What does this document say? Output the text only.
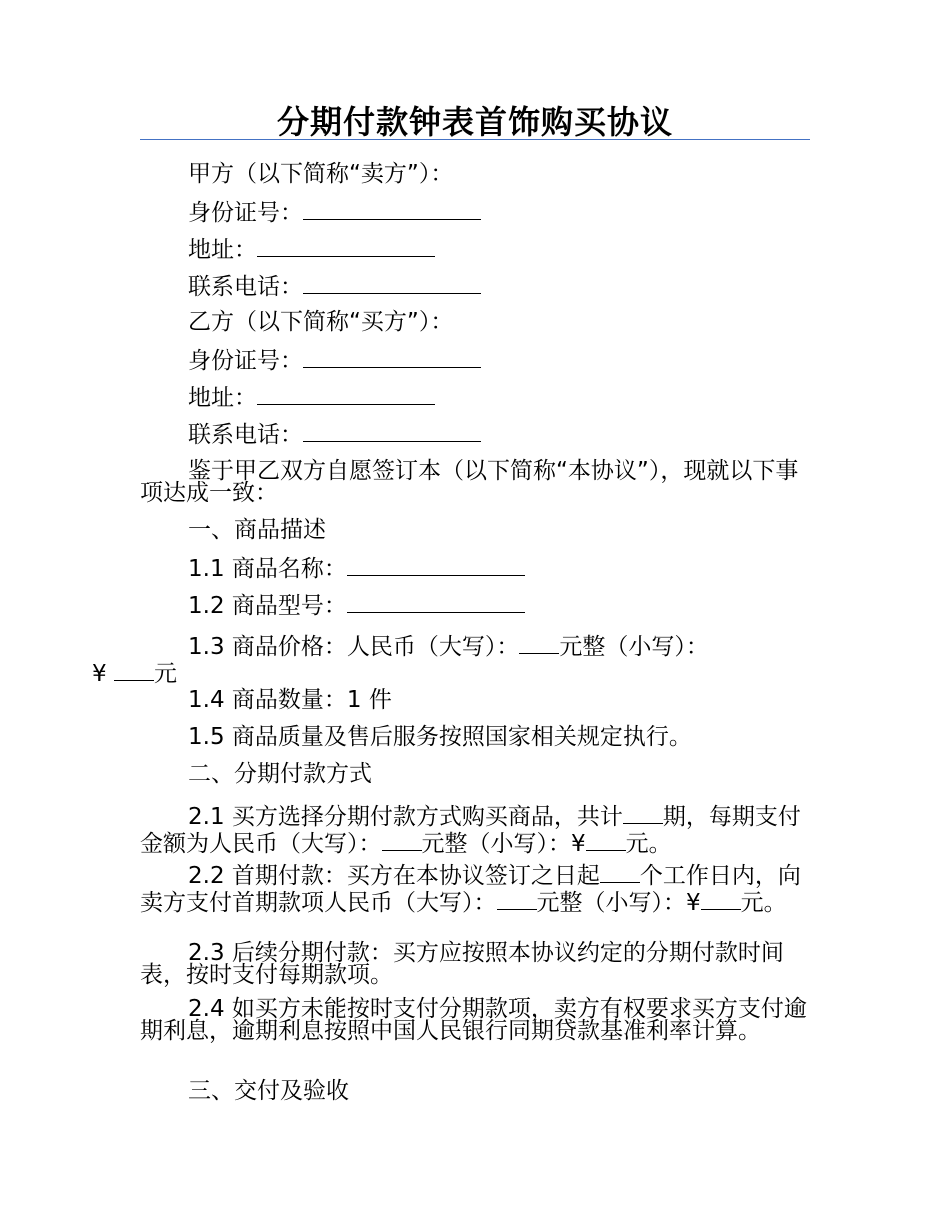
分期付款钟表首饰购买协议
甲方（以下简称“卖方”）：
身份证号：
地址：
联系电话：
乙方（以下简称“买方”）：
身份证号：
地址：
联系电话：
鉴于甲乙双方自愿签订本（以下简称“本协议”），现就以下事项达成一致：
一、商品描述
1.1 商品名称：
1.2 商品型号：
1.3 商品价格：人民币（大写）： 元整（小写）：
¥ 元
1.4 商品数量：1 件
1.5 商品质量及售后服务按照国家相关规定执行。
二、分期付款方式
2.1 买方选择分期付款方式购买商品，共计 期，每期支付金额为人民币（大写）： 元整（小写）：¥ 元。
2.2 首期付款：买方在本协议签订之日起 个工作日内，向卖方支付首期款项人民币（大写）： 元整（小写）：¥ 元。
2.3 后续分期付款：买方应按照本协议约定的分期付款时间表，按时支付每期款项。
2.4 如买方未能按时支付分期款项，卖方有权要求买方支付逾期利息，逾期利息按照中国人民银行同期贷款基准利率计算。
三、交付及验收
